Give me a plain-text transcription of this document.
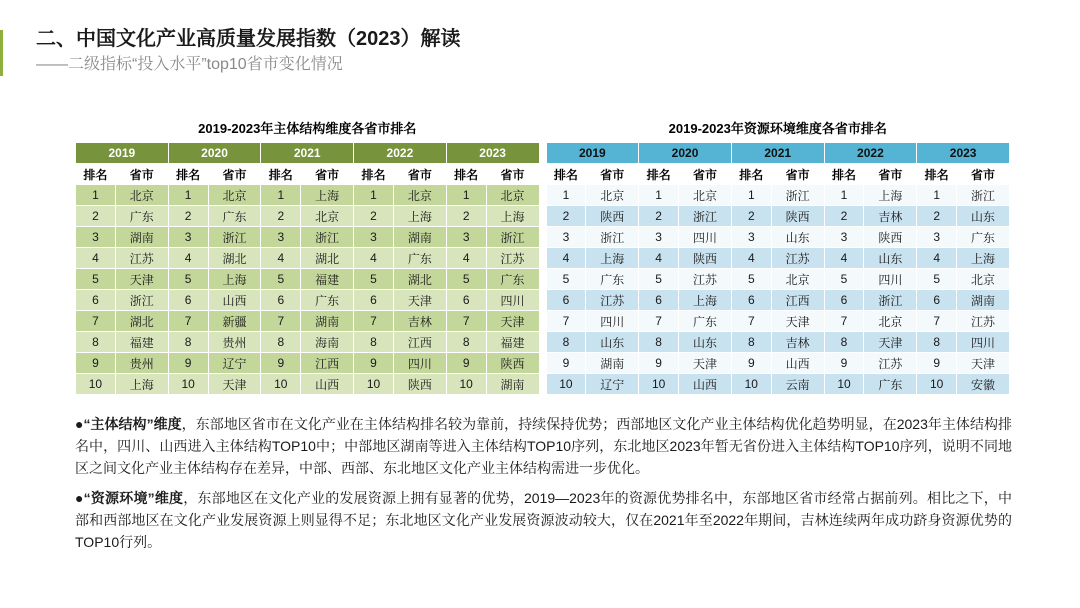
二、中国文化产业高质量发展指数（2023）解读
——二级指标“投入水平”top10省市变化情况
2019-2023年主体结构维度各省市排名
2019		2020		2021		2022		2023	
排名	省市	排名	省市	排名	省市	排名	省市	排名	省市
1	北京	1	北京	1	上海	1	北京	1	北京
2	广东	2	广东	2	北京	2	上海	2	上海
3	湖南	3	浙江	3	浙江	3	湖南	3	浙江
4	江苏	4	湖北	4	湖北	4	广东	4	江苏
5	天津	5	上海	5	福建	5	湖北	5	广东
6	浙江	6	山西	6	广东	6	天津	6	四川
7	湖北	7	新疆	7	湖南	7	吉林	7	天津
8	福建	8	贵州	8	海南	8	江西	8	福建
9	贵州	9	辽宁	9	江西	9	四川	9	陕西
10	上海	10	天津	10	山西	10	陕西	10	湖南
2019-2023年资源环境维度各省市排名
2019		2020		2021		2022		2023	
排名	省市	排名	省市	排名	省市	排名	省市	排名	省市
1	北京	1	北京	1	浙江	1	上海	1	浙江
2	陕西	2	浙江	2	陕西	2	吉林	2	山东
3	浙江	3	四川	3	山东	3	陕西	3	广东
4	上海	4	陕西	4	江苏	4	山东	4	上海
5	广东	5	江苏	5	北京	5	四川	5	北京
6	江苏	6	上海	6	江西	6	浙江	6	湖南
7	四川	7	广东	7	天津	7	北京	7	江苏
8	山东	8	山东	8	吉林	8	天津	8	四川
9	湖南	9	天津	9	山西	9	江苏	9	天津
10	辽宁	10	山西	10	云南	10	广东	10	安徽

●“主体结构”维度，东部地区省市在文化产业在主体结构排名较为靠前，持续保持优势；西部地区文化产业主体结构优化趋势明显，在2023年主体结构排名中，四川、山西进入主体结构TOP10中；中部地区湖南等进入主体结构TOP10序列，东北地区2023年暂无省份进入主体结构TOP10序列，说明不同地区之间文化产业主体结构存在差异，中部、西部、东北地区文化产业主体结构需进一步优化。

●“资源环境”维度，东部地区在文化产业的发展资源上拥有显著的优势，2019—2023年的资源优势排名中，东部地区省市经常占据前列。相比之下，中部和西部地区在文化产业发展资源上则显得不足；东北地区文化产业发展资源波动较大，仅在2021年至2022年期间，吉林连续两年成功跻身资源优势的TOP10行列。
